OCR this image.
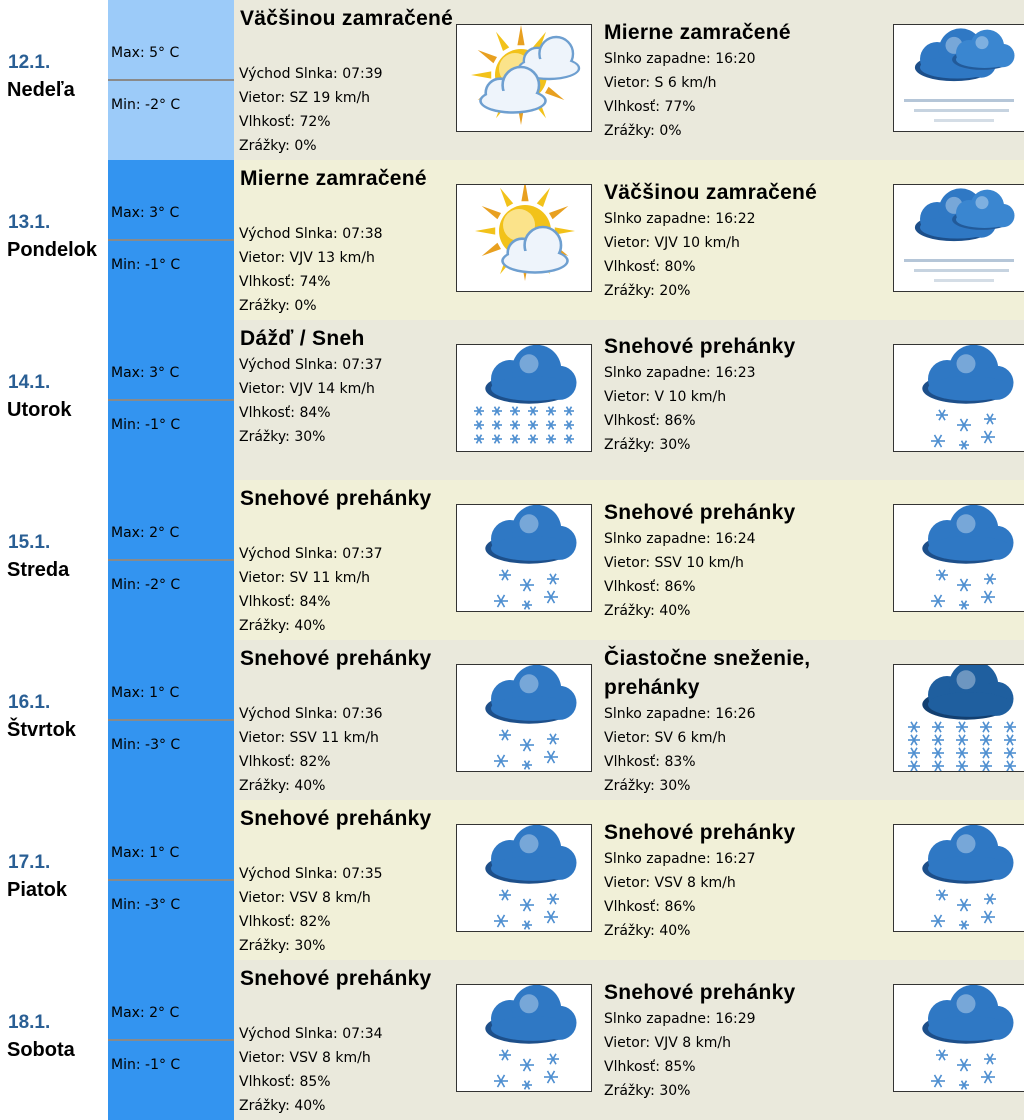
12.1.
Nedeľa
Max: 5° C
Min: -2° C
Väčšinou zamračené
Východ Slnka: 07:39
Vietor: SZ 19 km/h
Vlhkosť: 72%
Zrážky: 0%
Mierne zamračené
Slnko zapadne: 16:20
Vietor: S 6 km/h
Vlhkosť: 77%
Zrážky: 0%
13.1.
Pondelok
Max: 3° C
Min: -1° C
Mierne zamračené
Východ Slnka: 07:38
Vietor: VJV 13 km/h
Vlhkosť: 74%
Zrážky: 0%
Väčšinou zamračené
Slnko zapadne: 16:22
Vietor: VJV 10 km/h
Vlhkosť: 80%
Zrážky: 20%
14.1.
Utorok
Max: 3° C
Min: -1° C
Dážď / Sneh
Východ Slnka: 07:37
Vietor: VJV 14 km/h
Vlhkosť: 84%
Zrážky: 30%
Snehové prehánky
Slnko zapadne: 16:23
Vietor: V 10 km/h
Vlhkosť: 86%
Zrážky: 30%
15.1.
Streda
Max: 2° C
Min: -2° C
Snehové prehánky
Východ Slnka: 07:37
Vietor: SV 11 km/h
Vlhkosť: 84%
Zrážky: 40%
Snehové prehánky
Slnko zapadne: 16:24
Vietor: SSV 10 km/h
Vlhkosť: 86%
Zrážky: 40%
16.1.
Štvrtok
Max: 1° C
Min: -3° C
Snehové prehánky
Východ Slnka: 07:36
Vietor: SSV 11 km/h
Vlhkosť: 82%
Zrážky: 40%
Čiastočne sneženie, prehánky
Slnko zapadne: 16:26
Vietor: SV 6 km/h
Vlhkosť: 83%
Zrážky: 30%
17.1.
Piatok
Max: 1° C
Min: -3° C
Snehové prehánky
Východ Slnka: 07:35
Vietor: VSV 8 km/h
Vlhkosť: 82%
Zrážky: 30%
Snehové prehánky
Slnko zapadne: 16:27
Vietor: VSV 8 km/h
Vlhkosť: 86%
Zrážky: 40%
18.1.
Sobota
Max: 2° C
Min: -1° C
Snehové prehánky
Východ Slnka: 07:34
Vietor: VSV 8 km/h
Vlhkosť: 85%
Zrážky: 40%
Snehové prehánky
Slnko zapadne: 16:29
Vietor: VJV 8 km/h
Vlhkosť: 85%
Zrážky: 30%
